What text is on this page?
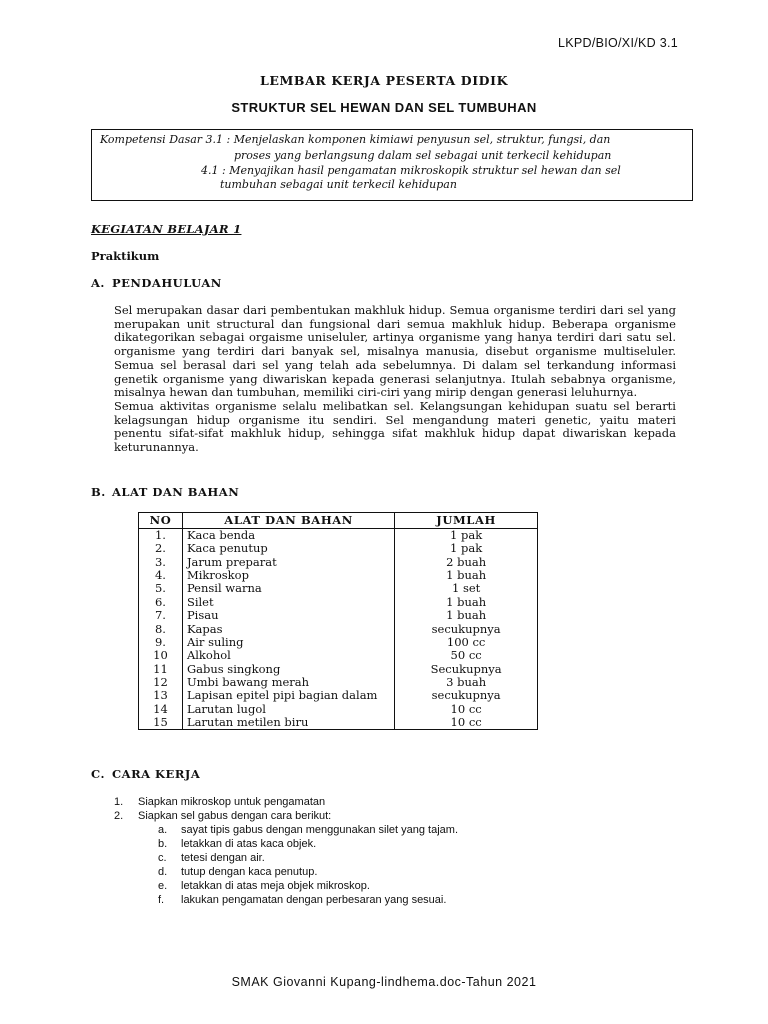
LKPD/BIO/XI/KD 3.1
LEMBAR KERJA PESERTA DIDIK
STRUKTUR SEL HEWAN DAN SEL TUMBUHAN
Kompetensi Dasar 3.1 : Menjelaskan komponen kimiawi penyusun sel, struktur, fungsi, dan
proses yang berlangsung dalam sel sebagai unit terkecil kehidupan
4.1 : Menyajikan hasil pengamatan mikroskopik struktur sel hewan dan sel
tumbuhan sebagai unit terkecil kehidupan
KEGIATAN BELAJAR 1
Praktikum
A. PENDAHULUAN

Sel merupakan dasar dari pembentukan makhluk hidup. Semua organisme terdiri dari sel yang merupakan unit structural dan fungsional dari semua makhluk hidup. Beberapa organisme dikategorikan sebagai orgaisme uniseluler, artinya organisme yang hanya terdiri dari satu sel. organisme yang terdiri dari banyak sel, misalnya manusia, disebut organisme multiseluler. Semua sel berasal dari sel yang telah ada sebelumnya. Di dalam sel terkandung informasi genetik organisme yang diwariskan kepada generasi selanjutnya. Itulah sebabnya organisme, misalnya hewan dan tumbuhan, memiliki ciri-ciri yang mirip dengan generasi leluhurnya.

Semua aktivitas organisme selalu melibatkan sel. Kelangsungan kehidupan suatu sel berarti kelagsungan hidup organisme itu sendiri. Sel mengandung materi genetic, yaitu materi penentu sifat-sifat makhluk hidup, sehingga sifat makhluk hidup dapat diwariskan kepada keturunannya.

B. ALAT DAN BAHAN
NO	ALAT DAN BAHAN	JUMLAH
1.	Kaca benda	1 pak
2.	Kaca penutup	1 pak
3.	Jarum preparat	2 buah
4.	Mikroskop	1 buah
5.	Pensil warna	1 set
6.	Silet	1 buah
7.	Pisau	1 buah
8.	Kapas	secukupnya
9.	Air suling	100 cc
10	Alkohol	50 cc
11	Gabus singkong	Secukupnya
12	Umbi bawang merah	3 buah
13	Lapisan epitel pipi bagian dalam	secukupnya
14	Larutan lugol	10 cc
15	Larutan metilen biru	10 cc
C. CARA KERJA
1. Siapkan mikroskop untuk pengamatan
2. Siapkan sel gabus dengan cara berikut:
a. sayat tipis gabus dengan menggunakan silet yang tajam.
b. letakkan di atas kaca objek.
c. tetesi dengan air.
d. tutup dengan kaca penutup.
e. letakkan di atas meja objek mikroskop.
f. lakukan pengamatan dengan perbesaran yang sesuai.
SMAK Giovanni Kupang-lindhema.doc-Tahun 2021
